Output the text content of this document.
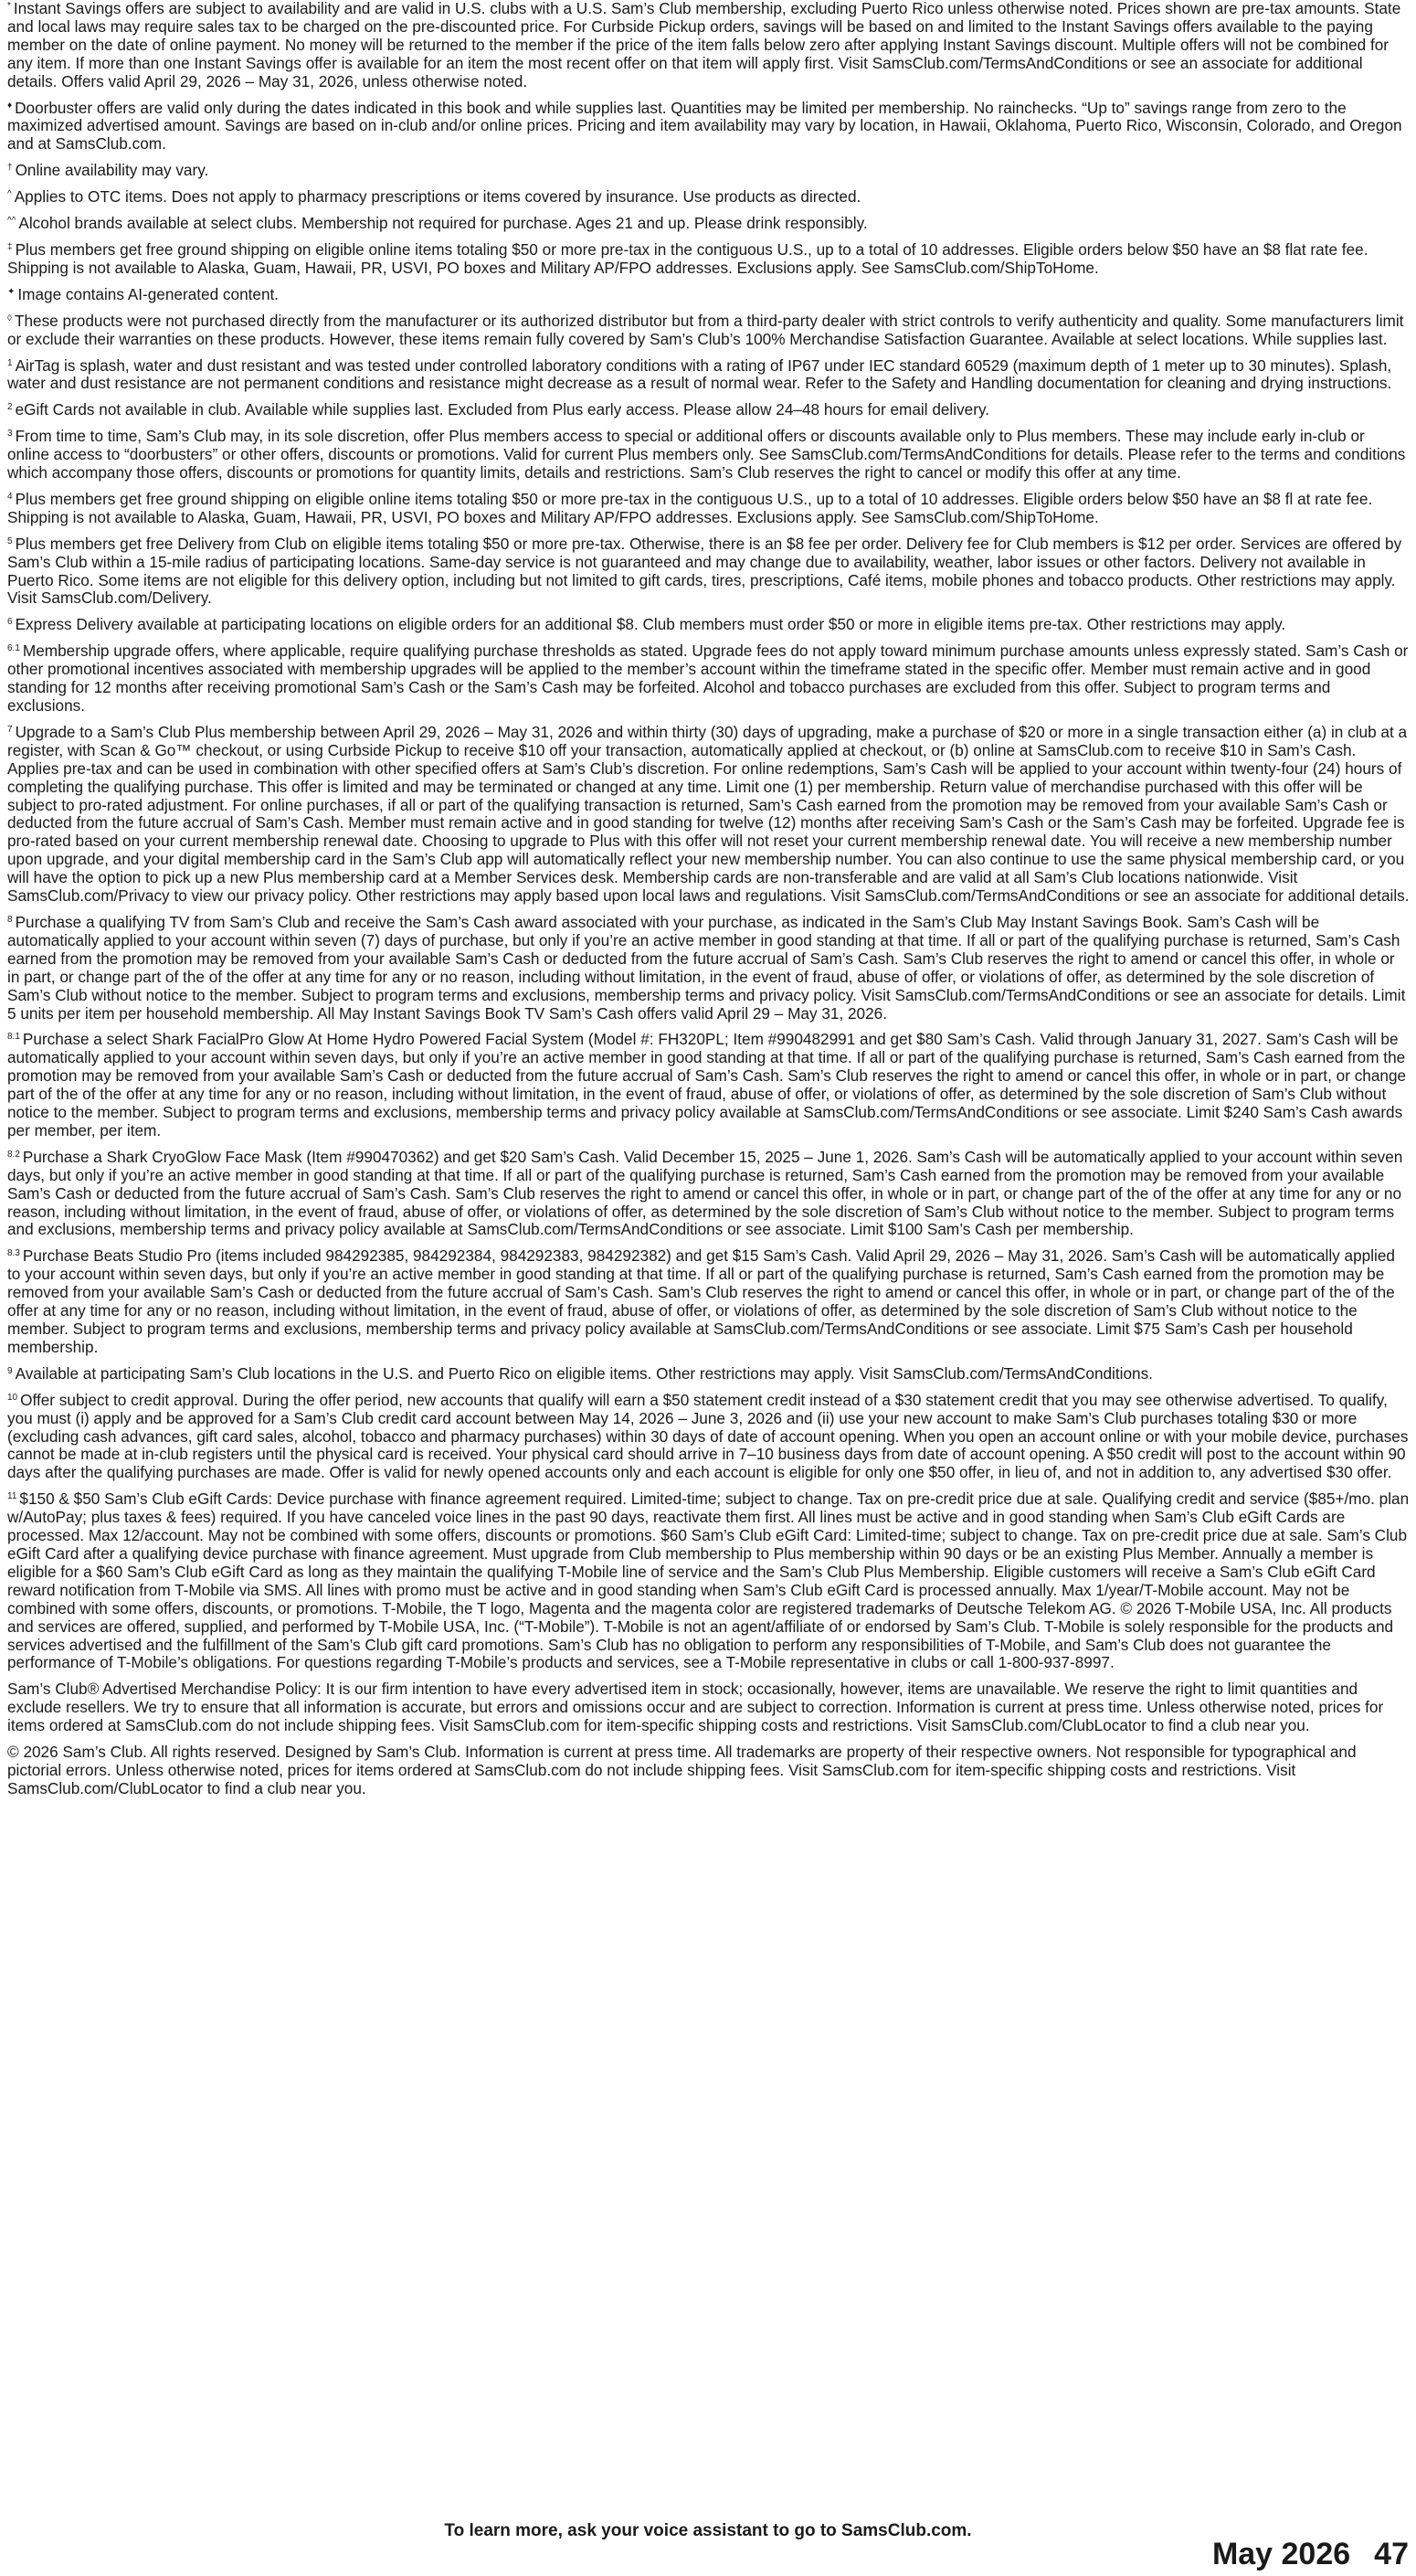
* Instant Savings offers are subject to availability and are valid in U.S. clubs with a U.S. Sam’s Club membership, excluding Puerto Rico unless otherwise noted. Prices shown are pre-tax amounts. State and local laws may require sales tax to be charged on the pre-discounted price. For Curbside Pickup orders, savings will be based on and limited to the Instant Savings offers available to the paying member on the date of online payment. No money will be returned to the member if the price of the item falls below zero after applying Instant Savings discount. Multiple offers will not be combined for any item. If more than one Instant Savings offer is available for an item the most recent offer on that item will apply first. Visit SamsClub.com/TermsAndConditions or see an associate for additional details. Offers valid April 29, 2026 – May 31, 2026, unless otherwise noted.

♦ Doorbuster offers are valid only during the dates indicated in this book and while supplies last. Quantities may be limited per membership. No rainchecks. “Up to” savings range from zero to the maximized advertised amount. Savings are based on in-club and/or online prices. Pricing and item availability may vary by location, in Hawaii, Oklahoma, Puerto Rico, Wisconsin, Colorado, and Oregon and at SamsClub.com.

† Online availability may vary.

^ Applies to OTC items. Does not apply to pharmacy prescriptions or items covered by insurance. Use products as directed.

^^ Alcohol brands available at select clubs. Membership not required for purchase. Ages 21 and up. Please drink responsibly.

‡ Plus members get free ground shipping on eligible online items totaling $50 or more pre-tax in the contiguous U.S., up to a total of 10 addresses. Eligible orders below $50 have an $8 flat rate fee. Shipping is not available to Alaska, Guam, Hawaii, PR, USVI, PO boxes and Military AP/FPO addresses. Exclusions apply. See SamsClub.com/ShipToHome.

✦ Image contains AI-generated content.

◊ These products were not purchased directly from the manufacturer or its authorized distributor but from a third-party dealer with strict controls to verify authenticity and quality. Some manufacturers limit or exclude their warranties on these products. However, these items remain fully covered by Sam’s Club’s 100% Merchandise Satisfaction Guarantee. Available at select locations. While supplies last.

$^1$ AirTag is splash, water and dust resistant and was tested under controlled laboratory conditions with a rating of IP67 under IEC standard 60529 (maximum depth of 1 meter up to 30 minutes). Splash, water and dust resistance are not permanent conditions and resistance might decrease as a result of normal wear. Refer to the Safety and Handling documentation for cleaning and drying instructions.

$^2$ eGift Cards not available in club. Available while supplies last. Excluded from Plus early access. Please allow 24–48 hours for email delivery.

$^3$ From time to time, Sam’s Club may, in its sole discretion, offer Plus members access to special or additional offers or discounts available only to Plus members. These may include early in-club or online access to “doorbusters” or other offers, discounts or promotions. Valid for current Plus members only. See SamsClub.com/TermsAndConditions for details. Please refer to the terms and conditions which accompany those offers, discounts or promotions for quantity limits, details and restrictions. Sam’s Club reserves the right to cancel or modify this offer at any time.

$^4$ Plus members get free ground shipping on eligible online items totaling $50 or more pre-tax in the contiguous U.S., up to a total of 10 addresses. Eligible orders below $50 have an $8 fl at rate fee. Shipping is not available to Alaska, Guam, Hawaii, PR, USVI, PO boxes and Military AP/FPO addresses. Exclusions apply. See SamsClub.com/ShipToHome.

$^5$ Plus members get free Delivery from Club on eligible items totaling $50 or more pre-tax. Otherwise, there is an $8 fee per order. Delivery fee for Club members is $12 per order. Services are offered by Sam’s Club within a 15-mile radius of participating locations. Same-day service is not guaranteed and may change due to availability, weather, labor issues or other factors. Delivery not available in Puerto Rico. Some items are not eligible for this delivery option, including but not limited to gift cards, tires, prescriptions, Café items, mobile phones and tobacco products. Other restrictions may apply. Visit SamsClub.com/Delivery.

$^6$ Express Delivery available at participating locations on eligible orders for an additional $8. Club members must order $50 or more in eligible items pre-tax. Other restrictions may apply.

$^{6.1}$ Membership upgrade offers, where applicable, require qualifying purchase thresholds as stated. Upgrade fees do not apply toward minimum purchase amounts unless expressly stated. Sam’s Cash or other promotional incentives associated with membership upgrades will be applied to the member’s account within the timeframe stated in the specific offer. Member must remain active and in good standing for 12 months after receiving promotional Sam’s Cash or the Sam’s Cash may be forfeited. Alcohol and tobacco purchases are excluded from this offer. Subject to program terms and exclusions.

$^7$ Upgrade to a Sam’s Club Plus membership between April 29, 2026 – May 31, 2026 and within thirty (30) days of upgrading, make a purchase of $20 or more in a single transaction either (a) in club at a register, with Scan & Go™ checkout, or using Curbside Pickup to receive $10 off your transaction, automatically applied at checkout, or (b) online at SamsClub.com to receive $10 in Sam’s Cash. Applies pre-tax and can be used in combination with other specified offers at Sam’s Club’s discretion. For online redemptions, Sam’s Cash will be applied to your account within twenty-four (24) hours of completing the qualifying purchase. This offer is limited and may be terminated or changed at any time. Limit one (1) per membership. Return value of merchandise purchased with this offer will be subject to pro-rated adjustment. For online purchases, if all or part of the qualifying transaction is returned, Sam’s Cash earned from the promotion may be removed from your available Sam’s Cash or deducted from the future accrual of Sam’s Cash. Member must remain active and in good standing for twelve (12) months after receiving Sam’s Cash or the Sam’s Cash may be forfeited. Upgrade fee is pro-rated based on your current membership renewal date. Choosing to upgrade to Plus with this offer will not reset your current membership renewal date. You will receive a new membership number upon upgrade, and your digital membership card in the Sam’s Club app will automatically reflect your new membership number. You can also continue to use the same physical membership card, or you will have the option to pick up a new Plus membership card at a Member Services desk. Membership cards are non-transferable and are valid at all Sam’s Club locations nationwide. Visit SamsClub.com/Privacy to view our privacy policy. Other restrictions may apply based upon local laws and regulations. Visit SamsClub.com/TermsAndConditions or see an associate for additional details.

$^8$ Purchase a qualifying TV from Sam’s Club and receive the Sam’s Cash award associated with your purchase, as indicated in the Sam’s Club May Instant Savings Book. Sam’s Cash will be automatically applied to your account within seven (7) days of purchase, but only if you’re an active member in good standing at that time. If all or part of the qualifying purchase is returned, Sam’s Cash earned from the promotion may be removed from your available Sam’s Cash or deducted from the future accrual of Sam’s Cash. Sam’s Club reserves the right to amend or cancel this offer, in whole or in part, or change part of the of the offer at any time for any or no reason, including without limitation, in the event of fraud, abuse of offer, or violations of offer, as determined by the sole discretion of Sam’s Club without notice to the member. Subject to program terms and exclusions, membership terms and privacy policy. Visit SamsClub.com/TermsAndConditions or see an associate for details. Limit 5 units per item per household membership. All May Instant Savings Book TV Sam’s Cash offers valid April 29 – May 31, 2026.

$^{8.1}$ Purchase a select Shark FacialPro Glow At Home Hydro Powered Facial System (Model #: FH320PL; Item #990482991 and get $80 Sam’s Cash. Valid through January 31, 2027. Sam’s Cash will be automatically applied to your account within seven days, but only if you’re an active member in good standing at that time. If all or part of the qualifying purchase is returned, Sam’s Cash earned from the promotion may be removed from your available Sam’s Cash or deducted from the future accrual of Sam’s Cash. Sam’s Club reserves the right to amend or cancel this offer, in whole or in part, or change part of the of the offer at any time for any or no reason, including without limitation, in the event of fraud, abuse of offer, or violations of offer, as determined by the sole discretion of Sam’s Club without notice to the member. Subject to program terms and exclusions, membership terms and privacy policy available at SamsClub.com/TermsAndConditions or see associate. Limit $240 Sam’s Cash awards per member, per item.

$^{8.2}$ Purchase a Shark CryoGlow Face Mask (Item #990470362) and get $20 Sam’s Cash. Valid December 15, 2025 – June 1, 2026. Sam’s Cash will be automatically applied to your account within seven days, but only if you’re an active member in good standing at that time. If all or part of the qualifying purchase is returned, Sam’s Cash earned from the promotion may be removed from your available Sam’s Cash or deducted from the future accrual of Sam’s Cash. Sam’s Club reserves the right to amend or cancel this offer, in whole or in part, or change part of the of the offer at any time for any or no reason, including without limitation, in the event of fraud, abuse of offer, or violations of offer, as determined by the sole discretion of Sam’s Club without notice to the member. Subject to program terms and exclusions, membership terms and privacy policy available at SamsClub.com/TermsAndConditions or see associate. Limit $100 Sam’s Cash per membership.

$^{8.3}$ Purchase Beats Studio Pro (items included 984292385, 984292384, 984292383, 984292382) and get $15 Sam’s Cash. Valid April 29, 2026 – May 31, 2026. Sam’s Cash will be automatically applied to your account within seven days, but only if you’re an active member in good standing at that time. If all or part of the qualifying purchase is returned, Sam’s Cash earned from the promotion may be removed from your available Sam’s Cash or deducted from the future accrual of Sam’s Cash. Sam’s Club reserves the right to amend or cancel this offer, in whole or in part, or change part of the of the offer at any time for any or no reason, including without limitation, in the event of fraud, abuse of offer, or violations of offer, as determined by the sole discretion of Sam’s Club without notice to the member. Subject to program terms and exclusions, membership terms and privacy policy available at SamsClub.com/TermsAndConditions or see associate. Limit $75 Sam’s Cash per household membership.

$^9$ Available at participating Sam’s Club locations in the U.S. and Puerto Rico on eligible items. Other restrictions may apply. Visit SamsClub.com/TermsAndConditions.

$^{10}$ Offer subject to credit approval. During the offer period, new accounts that qualify will earn a $50 statement credit instead of a $30 statement credit that you may see otherwise advertised. To qualify, you must (i) apply and be approved for a Sam’s Club credit card account between May 14, 2026 – June 3, 2026 and (ii) use your new account to make Sam’s Club purchases totaling $30 or more (excluding cash advances, gift card sales, alcohol, tobacco and pharmacy purchases) within 30 days of date of account opening. When you open an account online or with your mobile device, purchases cannot be made at in-club registers until the physical card is received. Your physical card should arrive in 7–10 business days from date of account opening. A $50 credit will post to the account within 90 days after the qualifying purchases are made. Offer is valid for newly opened accounts only and each account is eligible for only one $50 offer, in lieu of, and not in addition to, any advertised $30 offer.

$^{11}$ $150 & $50 Sam’s Club eGift Cards: Device purchase with finance agreement required. Limited-time; subject to change. Tax on pre-credit price due at sale. Qualifying credit and service ($85+/mo. plan w/AutoPay; plus taxes & fees) required. If you have canceled voice lines in the past 90 days, reactivate them first. All lines must be active and in good standing when Sam’s Club eGift Cards are processed. Max 12/account. May not be combined with some offers, discounts or promotions. $60 Sam’s Club eGift Card: Limited-time; subject to change. Tax on pre-credit price due at sale. Sam’s Club eGift Card after a qualifying device purchase with finance agreement. Must upgrade from Club membership to Plus membership within 90 days or be an existing Plus Member. Annually a member is eligible for a $60 Sam’s Club eGift Card as long as they maintain the qualifying T-Mobile line of service and the Sam’s Club Plus Membership. Eligible customers will receive a Sam’s Club eGift Card reward notification from T-Mobile via SMS. All lines with promo must be active and in good standing when Sam’s Club eGift Card is processed annually. Max 1/year/T-Mobile account. May not be combined with some offers, discounts, or promotions. T-Mobile, the T logo, Magenta and the magenta color are registered trademarks of Deutsche Telekom AG. © 2026 T-Mobile USA, Inc. All products and services are offered, supplied, and performed by T-Mobile USA, Inc. (“T-Mobile”). T-Mobile is not an agent/affiliate of or endorsed by Sam’s Club. T-Mobile is solely responsible for the products and services advertised and the fulfillment of the Sam’s Club gift card promotions. Sam’s Club has no obligation to perform any responsibilities of T-Mobile, and Sam’s Club does not guarantee the performance of T-Mobile’s obligations. For questions regarding T-Mobile’s products and services, see a T-Mobile representative in clubs or call 1-800-937-8997.

Sam’s Club® Advertised Merchandise Policy: It is our firm intention to have every advertised item in stock; occasionally, however, items are unavailable. We reserve the right to limit quantities and exclude resellers. We try to ensure that all information is accurate, but errors and omissions occur and are subject to correction. Information is current at press time. Unless otherwise noted, prices for items ordered at SamsClub.com do not include shipping fees. Visit SamsClub.com for item-specific shipping costs and restrictions. Visit SamsClub.com/ClubLocator to find a club near you.

© 2026 Sam’s Club. All rights reserved. Designed by Sam’s Club. Information is current at press time. All trademarks are property of their respective owners. Not responsible for typographical and pictorial errors. Unless otherwise noted, prices for items ordered at SamsClub.com do not include shipping fees. Visit SamsClub.com for item-specific shipping costs and restrictions. Visit SamsClub.com/ClubLocator to find a club near you.

To learn more, ask your voice assistant to go to SamsClub.com.
May 2026 47
